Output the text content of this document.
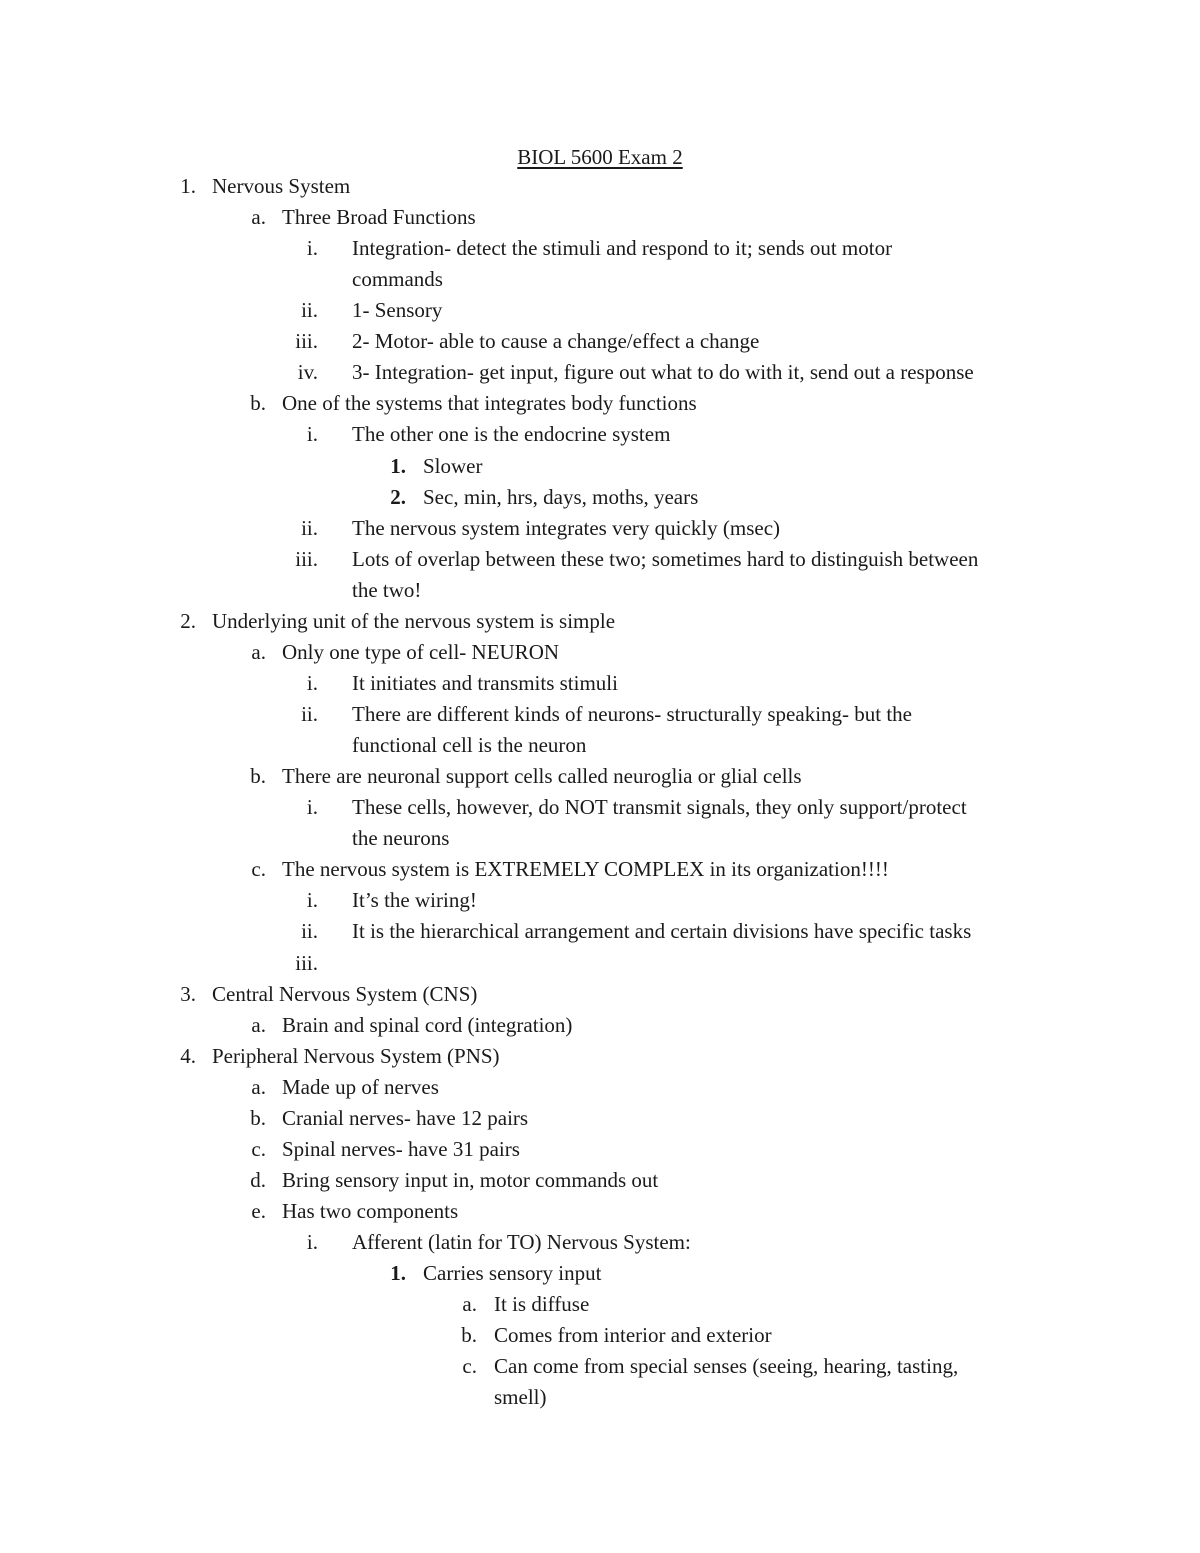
BIOL 5600 Exam 2
1. Nervous System
a. Three Broad Functions
i. Integration- detect the stimuli and respond to it; sends out motor
commands
ii. 1- Sensory
iii. 2- Motor- able to cause a change/effect a change
iv. 3- Integration- get input, figure out what to do with it, send out a response
b. One of the systems that integrates body functions
i. The other one is the endocrine system
1. Slower
2. Sec, min, hrs, days, moths, years
ii. The nervous system integrates very quickly (msec)
iii. Lots of overlap between these two; sometimes hard to distinguish between
the two!
2. Underlying unit of the nervous system is simple
a. Only one type of cell- NEURON
i. It initiates and transmits stimuli
ii. There are different kinds of neurons- structurally speaking- but the
functional cell is the neuron
b. There are neuronal support cells called neuroglia or glial cells
i. These cells, however, do NOT transmit signals, they only support/protect
the neurons
c. The nervous system is EXTREMELY COMPLEX in its organization!!!!
i. It’s the wiring!
ii. It is the hierarchical arrangement and certain divisions have specific tasks
iii.
3. Central Nervous System (CNS)
a. Brain and spinal cord (integration)
4. Peripheral Nervous System (PNS)
a. Made up of nerves
b. Cranial nerves- have 12 pairs
c. Spinal nerves- have 31 pairs
d. Bring sensory input in, motor commands out
e. Has two components
i. Afferent (latin for TO) Nervous System:
1. Carries sensory input
a. It is diffuse
b. Comes from interior and exterior
c. Can come from special senses (seeing, hearing, tasting,
smell)
